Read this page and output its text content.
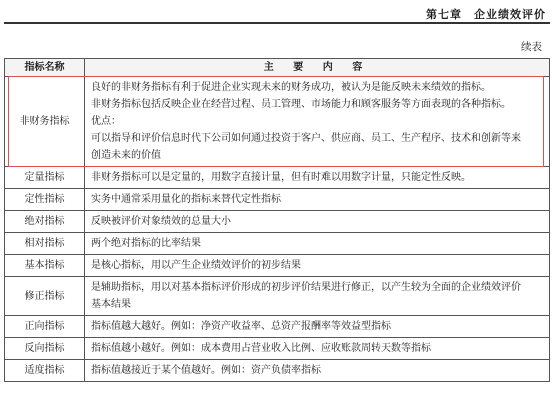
第七章　企业绩效评价
续表
指标名称	主 要 内 容
非财务指标	良好的非财务指标有利于促进企业实现未来的财务成功，被认为是能反映未来绩效的指标。
非财务指标包括反映企业在经营过程、员工管理、市场能力和顾客服务等方面表现的各种指标。
优点：
可以指导和评价信息时代下公司如何通过投资于客户、供应商、员工、生产程序、技术和创新等来
创造未来的价值

定量指标	非财务指标可以是定量的，用数字直接计量，但有时难以用数字计量，只能定性反映。

定性指标	实务中通常采用量化的指标来替代定性指标

绝对指标	反映被评价对象绩效的总量大小

相对指标	两个绝对指标的比率结果

基本指标	是核心指标，用以产生企业绩效评价的初步结果

修正指标	是辅助指标，用以对基本指标评价形成的初步评价结果进行修正，以产生较为全面的企业绩效评价
基本结果

正向指标	指标值越大越好。例如：净资产收益率、总资产报酬率等效益型指标

反向指标	指标值越小越好。例如：成本费用占营业收入比例、应收账款周转天数等指标

适度指标	指标值越接近于某个值越好。例如：资产负债率指标
